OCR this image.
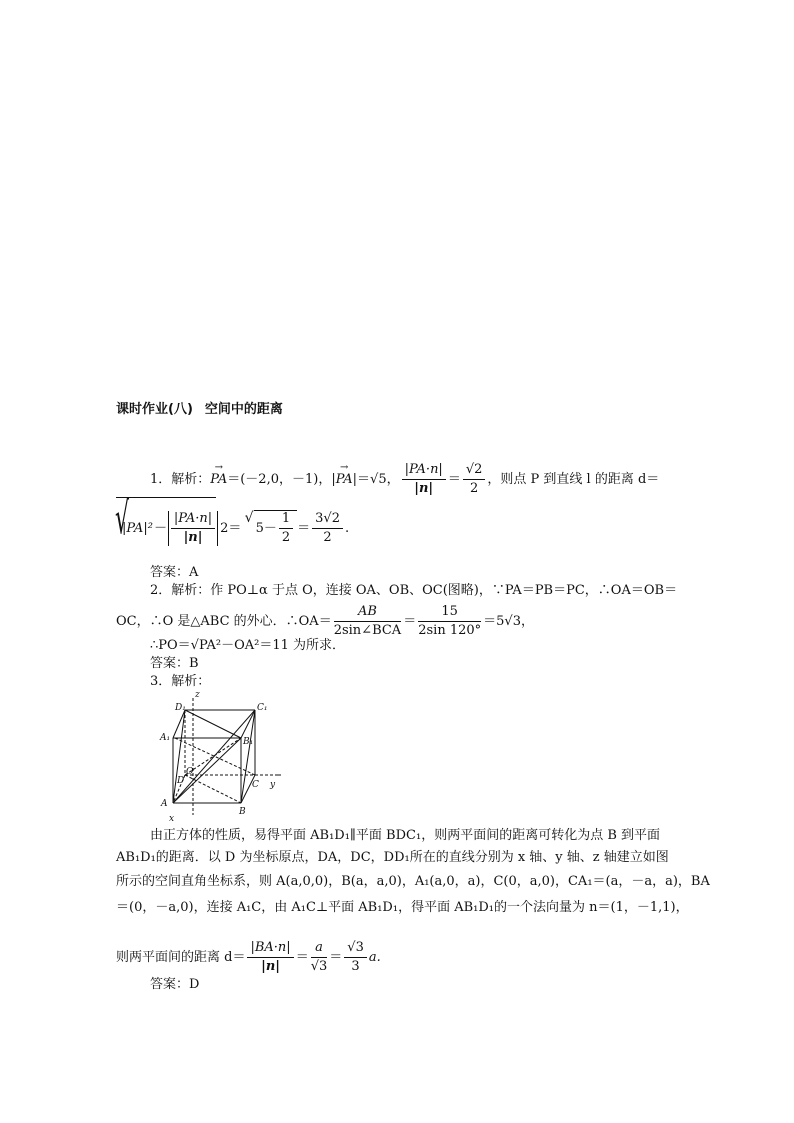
课时作业(八) 空间中的距离
1．解析：→ PA＝(－2,0，－1)，|→ PA|＝√5， $\frac{|PA\cdot n|}{|n|} = \frac{√2}{2}$ ，则点 P 到直线 l 的距离 d＝
√
$|PA|^2- \frac{|PA\cdot n|}{|n|} 2=$ √ $5- \frac{1}{2} = \frac{3√2}{2}$ .
答案：A
2．解析：作 PO⊥α 于点 O，连接 OA、OB、OC(图略)，∵PA＝PB＝PC，∴OA＝OB＝
OC，∴O 是△ABC 的外心．∴OA＝ $\frac{AB}{\text{2sin∠BCA}} = \frac{15}{2\sin 120^\circ} =5√3$，
∴PO＝√PA²－OA²＝11 为所求．
答案：B
3．解析：
D₁
z
C₁
A₁	B₁
D
O
C y
A
B
x
由正方体的性质，易得平面 AB₁D₁∥平面 BDC₁，则两平面间的距离可转化为点 B 到平面
AB₁D₁的距离．以 D 为坐标原点，DA，DC，DD₁所在的直线分别为 x 轴、y 轴、z 轴建立如图
所示的空间直角坐标系，则 A(a,0,0)，B(a，a,0)，A₁(a,0，a)，C(0，a,0)，CA₁＝(a，－a，a)，BA
＝(0，－a,0)，连接 A₁C，由 A₁C⊥平面 AB₁D₁，得平面 AB₁D₁的一个法向量为 n＝(1，－1,1)，
则两平面间的距离 $d= \frac{|BA\cdot n|}{|n|} = \frac{a}{√3} = \frac{√3}{3} a$.
答案：D
